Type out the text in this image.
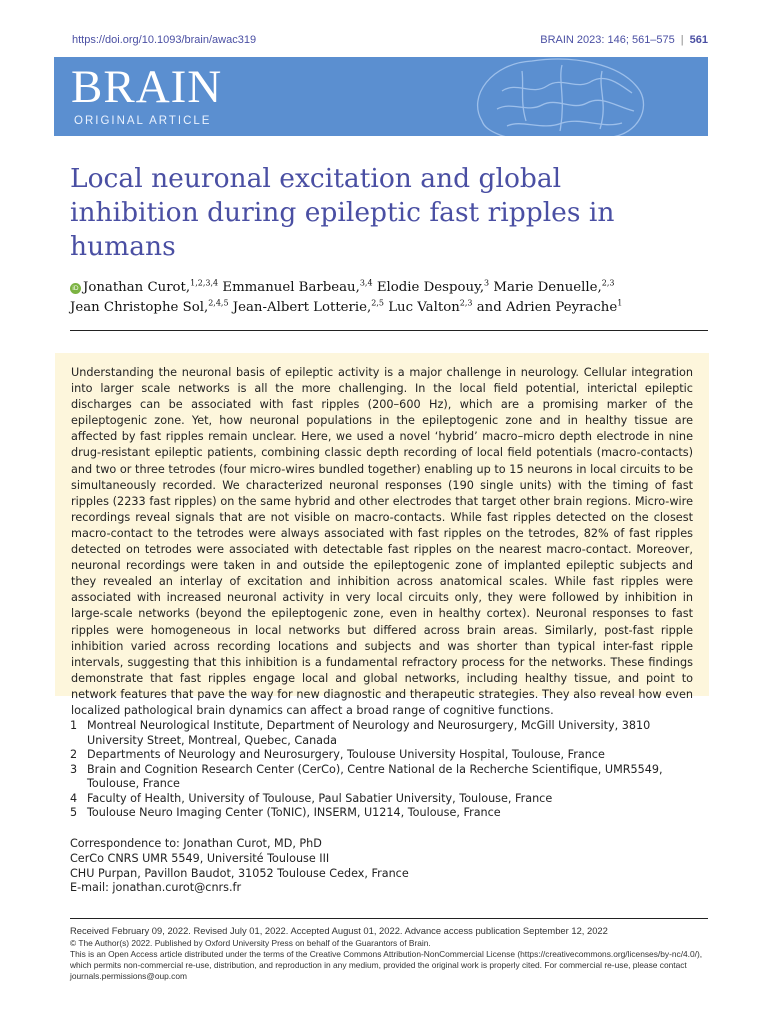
https://doi.org/10.1093/brain/awac319	BRAIN 2023: 146; 561–575 | 561
BRAIN
ORIGINAL ARTICLE
Local neuronal excitation and global inhibition during epileptic fast ripples in humans
iD Jonathan Curot,$^{1,2,3,4}$ Emmanuel Barbeau,$^{3,4}$ Elodie Despouy,$^3$ Marie Denuelle,$^{2,3}$
Jean Christophe Sol,$^{2,4,5}$ Jean-Albert Lotterie,$^{2,5}$ Luc Valton$^{2,3}$ and Adrien Peyrache$^1$

Understanding the neuronal basis of epileptic activity is a major challenge in neurology. Cellular integration into larger scale networks is all the more challenging. In the local field potential, interictal epileptic discharges can be associated with fast ripples (200–600 Hz), which are a promising marker of the epileptogenic zone. Yet, how neuronal populations in the epileptogenic zone and in healthy tissue are affected by fast ripples remain unclear. Here, we used a novel ‘hybrid’ macro–micro depth electrode in nine drug-resistant epileptic patients, combining classic depth recording of local field potentials (macro-contacts) and two or three tetrodes (four micro-wires bundled together) enabling up to 15 neurons in local circuits to be simultaneously recorded. We characterized neuronal responses (190 single units) with the timing of fast ripples (2233 fast ripples) on the same hybrid and other electrodes that target other brain regions. Micro-wire recordings reveal signals that are not visible on macro-contacts. While fast ripples detected on the closest macro-contact to the tetrodes were always associated with fast ripples on the tetrodes, 82% of fast ripples detected on tetrodes were associated with detectable fast ripples on the nearest macro-contact. Moreover, neuronal recordings were taken in and outside the epileptogenic zone of implanted epileptic subjects and they revealed an interlay of excitation and inhibition across anatomical scales. While fast ripples were associated with increased neuronal activity in very local circuits only, they were followed by inhibition in large-scale networks (beyond the epileptogenic zone, even in healthy cortex). Neuronal responses to fast ripples were homogeneous in local networks but differed across brain areas. Similarly, post-fast ripple inhibition varied across recording locations and subjects and was shorter than typical inter-fast ripple intervals, suggesting that this inhibition is a fundamental refractory process for the networks. These findings demonstrate that fast ripples engage local and global networks, including healthy tissue, and point to network features that pave the way for new diagnostic and therapeutic strategies. They also reveal how even localized pathological brain dynamics can affect a broad range of cognitive functions.

1 Montreal Neurological Institute, Department of Neurology and Neurosurgery, McGill University, 3810 University Street, Montreal, Quebec, Canada
2 Departments of Neurology and Neurosurgery, Toulouse University Hospital, Toulouse, France
3 Brain and Cognition Research Center (CerCo), Centre National de la Recherche Scientifique, UMR5549, Toulouse, France
4 Faculty of Health, University of Toulouse, Paul Sabatier University, Toulouse, France
5 Toulouse Neuro Imaging Center (ToNIC), INSERM, U1214, Toulouse, France
Correspondence to: Jonathan Curot, MD, PhD
CerCo CNRS UMR 5549, Université Toulouse III
CHU Purpan, Pavillon Baudot, 31052 Toulouse Cedex, France
E-mail: jonathan.curot@cnrs.fr

Received February 09, 2022. Revised July 01, 2022. Accepted August 01, 2022. Advance access publication September 12, 2022

© The Author(s) 2022. Published by Oxford University Press on behalf of the Guarantors of Brain.

This is an Open Access article distributed under the terms of the Creative Commons Attribution-NonCommercial License (https://creativecommons.org/licenses/by-nc/4.0/), which permits non-commercial re-use, distribution, and reproduction in any medium, provided the original work is properly cited. For commercial re-use, please contact journals.permissions@oup.com
